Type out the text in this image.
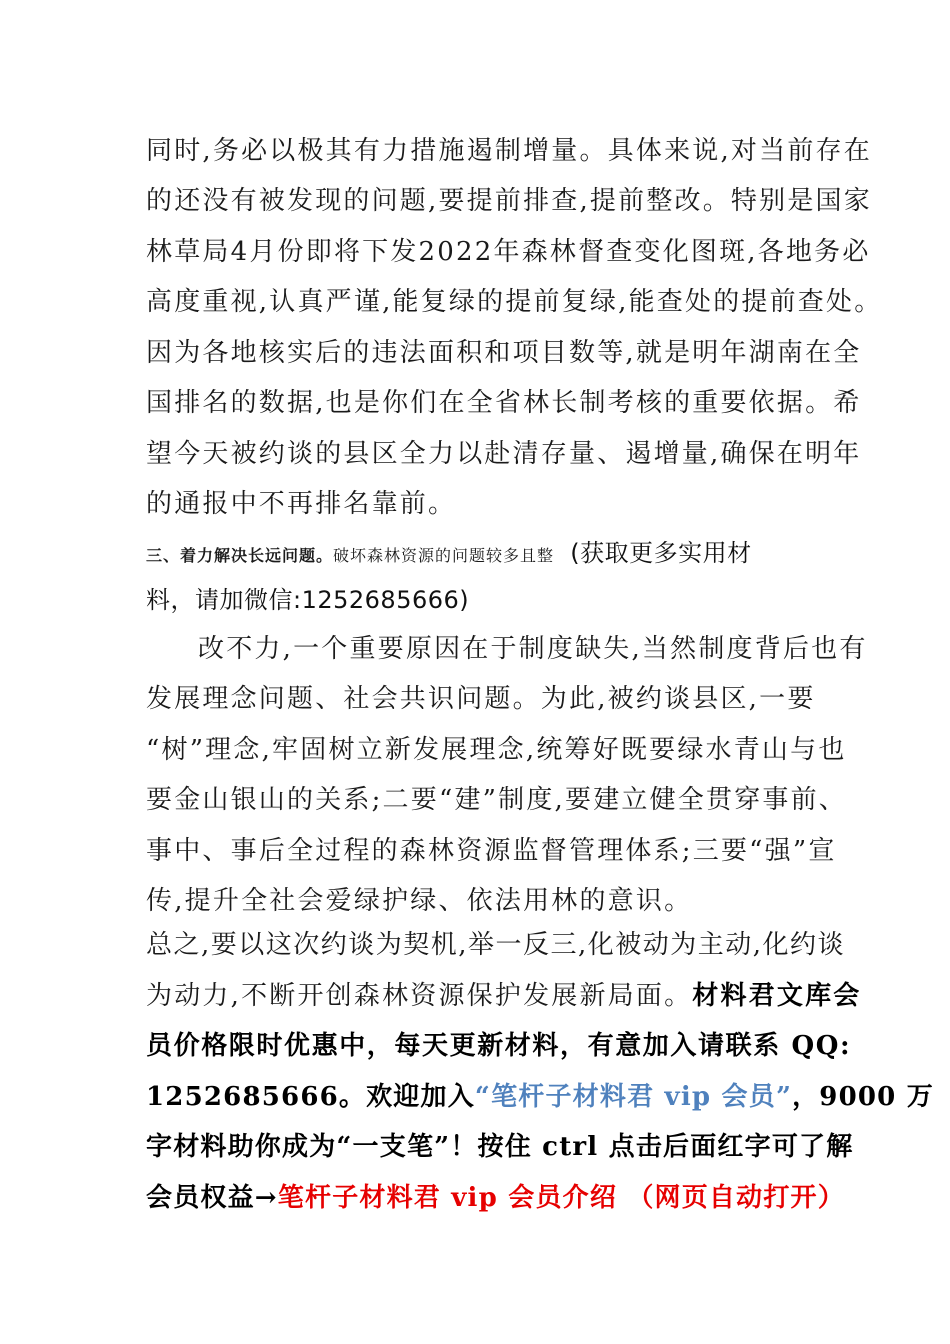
同时,务必以极其有力措施遏制增量。具体来说,对当前存在
的还没有被发现的问题,要提前排查,提前整改。特别是国家
林草局4月份即将下发2022年森林督查变化图斑,各地务必
高度重视,认真严谨,能复绿的提前复绿,能查处的提前查处。
因为各地核实后的违法面积和项目数等,就是明年湖南在全
国排名的数据,也是你们在全省林长制考核的重要依据。希
望今天被约谈的县区全力以赴清存量、遏增量,确保在明年
的通报中不再排名靠前。
三、着力解决长远问题。破坏森林资源的问题较多且整 (获取更多实用材
料，请加微信:1252685666)
改不力,一个重要原因在于制度缺失,当然制度背后也有
发展理念问题、社会共识问题。为此,被约谈县区,一要
“树”理念,牢固树立新发展理念,统筹好既要绿水青山与也
要金山银山的关系;二要“建”制度,要建立健全贯穿事前、
事中、事后全过程的森林资源监督管理体系;三要“强”宣
传,提升全社会爱绿护绿、依法用林的意识。
总之,要以这次约谈为契机,举一反三,化被动为主动,化约谈
为动力,不断开创森林资源保护发展新局面。材料君文库会
员价格限时优惠中，每天更新材料，有意加入请联系 QQ:
1252685666。欢迎加入“笔杆子材料君 vip 会员”，9000 万
字材料助你成为“一支笔”！按住 ctrl 点击后面红字可了解
会员权益→笔杆子材料君 vip 会员介绍 （网页自动打开）
